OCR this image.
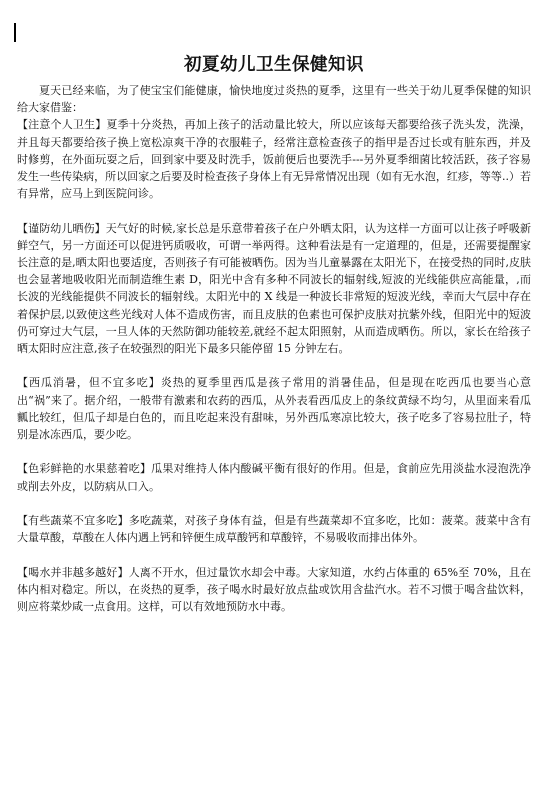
初夏幼儿卫生保健知识

夏天已经来临，为了使宝宝们能健康，愉快地度过炎热的夏季，这里有一些关于幼儿夏季保健的知识给大家借鉴：

【注意个人卫生】夏季十分炎热，再加上孩子的活动量比较大，所以应该每天都要给孩子洗头发，洗澡，并且每天都要给孩子换上宽松凉爽干净的衣服鞋子，经常注意检查孩子的指甲是否过长或有脏东西，并及时修剪，在外面玩耍之后，回到家中要及时洗手，饭前便后也要洗手---另外夏季细菌比较活跃，孩子容易发生一些传染病，所以回家之后要及时检查孩子身体上有无异常情况出现（如有无水泡，红疹，等等..）若有异常，应马上到医院问诊。

【谨防幼儿晒伤】天气好的时候,家长总是乐意带着孩子在户外晒太阳，认为这样一方面可以让孩子呼吸新鲜空气，另一方面还可以促进钙质吸收，可谓一举两得。这种看法是有一定道理的，但是，还需要提醒家长注意的是,晒太阳也要适度，否则孩子有可能被晒伤。因为当儿童暴露在太阳光下，在接受热的同时,皮肤也会显著地吸收阳光而制造维生素 D，阳光中含有多种不同波长的辐射线,短波的光线能供应高能量，,而长波的光线能提供不同波长的辐射线。太阳光中的 X 线是一种波长非常短的短波光线，幸而大气层中存在着保护层,以致使这些光线对人体不造成伤害，而且皮肤的色素也可保护皮肤对抗紫外线，但阳光中的短波仍可穿过大气层，一旦人体的天然防御功能较差,就经不起太阳照射，从而造成晒伤。所以，家长在给孩子晒太阳时应注意,孩子在较强烈的阳光下最多只能停留 15 分钟左右。

【西瓜消暑，但不宜多吃】炎热的夏季里西瓜是孩子常用的消暑佳品，但是现在吃西瓜也要当心意出“祸”来了。据介绍，一般带有激素和农药的西瓜，从外表看西瓜皮上的条纹黄绿不均匀，从里面来看瓜瓤比较红，但瓜子却是白色的，而且吃起来没有甜味，另外西瓜寒凉比较大，孩子吃多了容易拉肚子，特别是冰冻西瓜，要少吃。

【色彩鲜艳的水果慈着吃】瓜果对维持人体内酸碱平衡有很好的作用。但是，食前应先用淡盐水浸泡洗净或削去外皮，以防病从口入。

【有些蔬菜不宜多吃】多吃蔬菜，对孩子身体有益，但是有些蔬菜却不宜多吃，比如：菠菜。菠菜中含有大量草酸，草酸在人体内遇上钙和锌便生成草酸钙和草酸锌，不易吸收而排出体外。

【喝水并非越多越好】人离不开水，但过量饮水却会中毒。大家知道，水约占体重的 65%至 70%，且在体内相对稳定。所以，在炎热的夏季，孩子喝水时最好放点盐或饮用含盐汽水。若不习惯于喝含盐饮料，则应将菜炒咸一点食用。这样，可以有效地预防水中毒。
